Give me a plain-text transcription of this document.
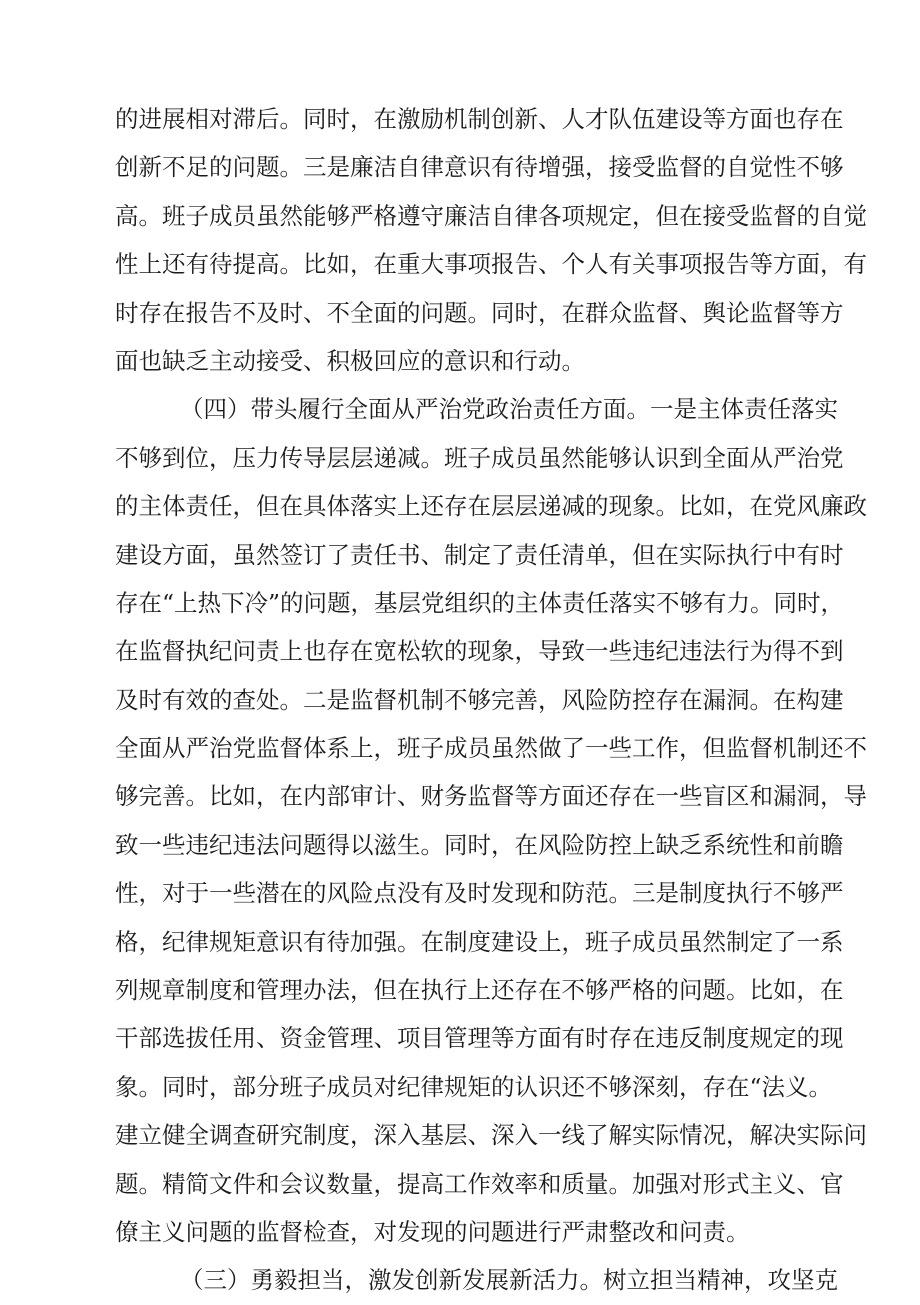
的进展相对滞后。同时，在激励机制创新、人才队伍建设等方面也存在
创新不足的问题。三是廉洁自律意识有待增强，接受监督的自觉性不够
高。班子成员虽然能够严格遵守廉洁自律各项规定，但在接受监督的自觉
性上还有待提高。比如，在重大事项报告、个人有关事项报告等方面，有
时存在报告不及时、不全面的问题。同时，在群众监督、舆论监督等方
面也缺乏主动接受、积极回应的意识和行动。
（四）带头履行全面从严治党政治责任方面。一是主体责任落实
不够到位，压力传导层层递减。班子成员虽然能够认识到全面从严治党
的主体责任，但在具体落实上还存在层层递减的现象。比如，在党风廉政
建设方面，虽然签订了责任书、制定了责任清单，但在实际执行中有时
存在“上热下冷”的问题，基层党组织的主体责任落实不够有力。同时，
在监督执纪问责上也存在宽松软的现象，导致一些违纪违法行为得不到
及时有效的查处。二是监督机制不够完善，风险防控存在漏洞。在构建
全面从严治党监督体系上，班子成员虽然做了一些工作，但监督机制还不
够完善。比如，在内部审计、财务监督等方面还存在一些盲区和漏洞，导
致一些违纪违法问题得以滋生。同时，在风险防控上缺乏系统性和前瞻
性，对于一些潜在的风险点没有及时发现和防范。三是制度执行不够严
格，纪律规矩意识有待加强。在制度建设上，班子成员虽然制定了一系
列规章制度和管理办法，但在执行上还存在不够严格的问题。比如，在
干部选拔任用、资金管理、项目管理等方面有时存在违反制度规定的现
象。同时，部分班子成员对纪律规矩的认识还不够深刻，存在“法义。
建立健全调查研究制度，深入基层、深入一线了解实际情况，解决实际问
题。精简文件和会议数量，提高工作效率和质量。加强对形式主义、官
僚主义问题的监督检查，对发现的问题进行严肃整改和问责。
（三）勇毅担当，激发创新发展新活力。树立担当精神，攻坚克
